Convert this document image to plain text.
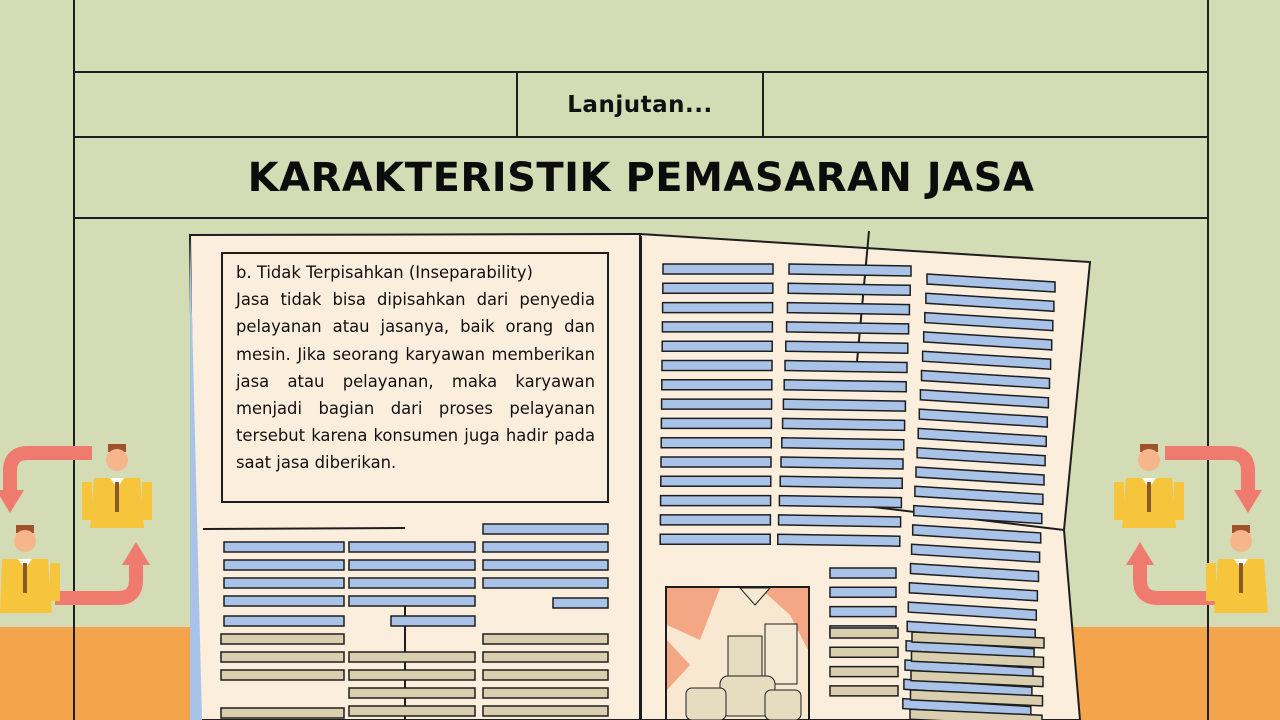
Lanjutan...
KARAKTERISTIK PEMASARAN JASA
b. Tidak Terpisahkan (Inseparability)
Jasa tidak bisa dipisahkan dari penyedia pelayanan atau jasanya, baik orang dan mesin. Jika seorang karyawan memberikan jasa atau pelayanan, maka karyawan menjadi bagian dari proses pelayanan tersebut karena konsumen juga hadir pada saat jasa diberikan.
